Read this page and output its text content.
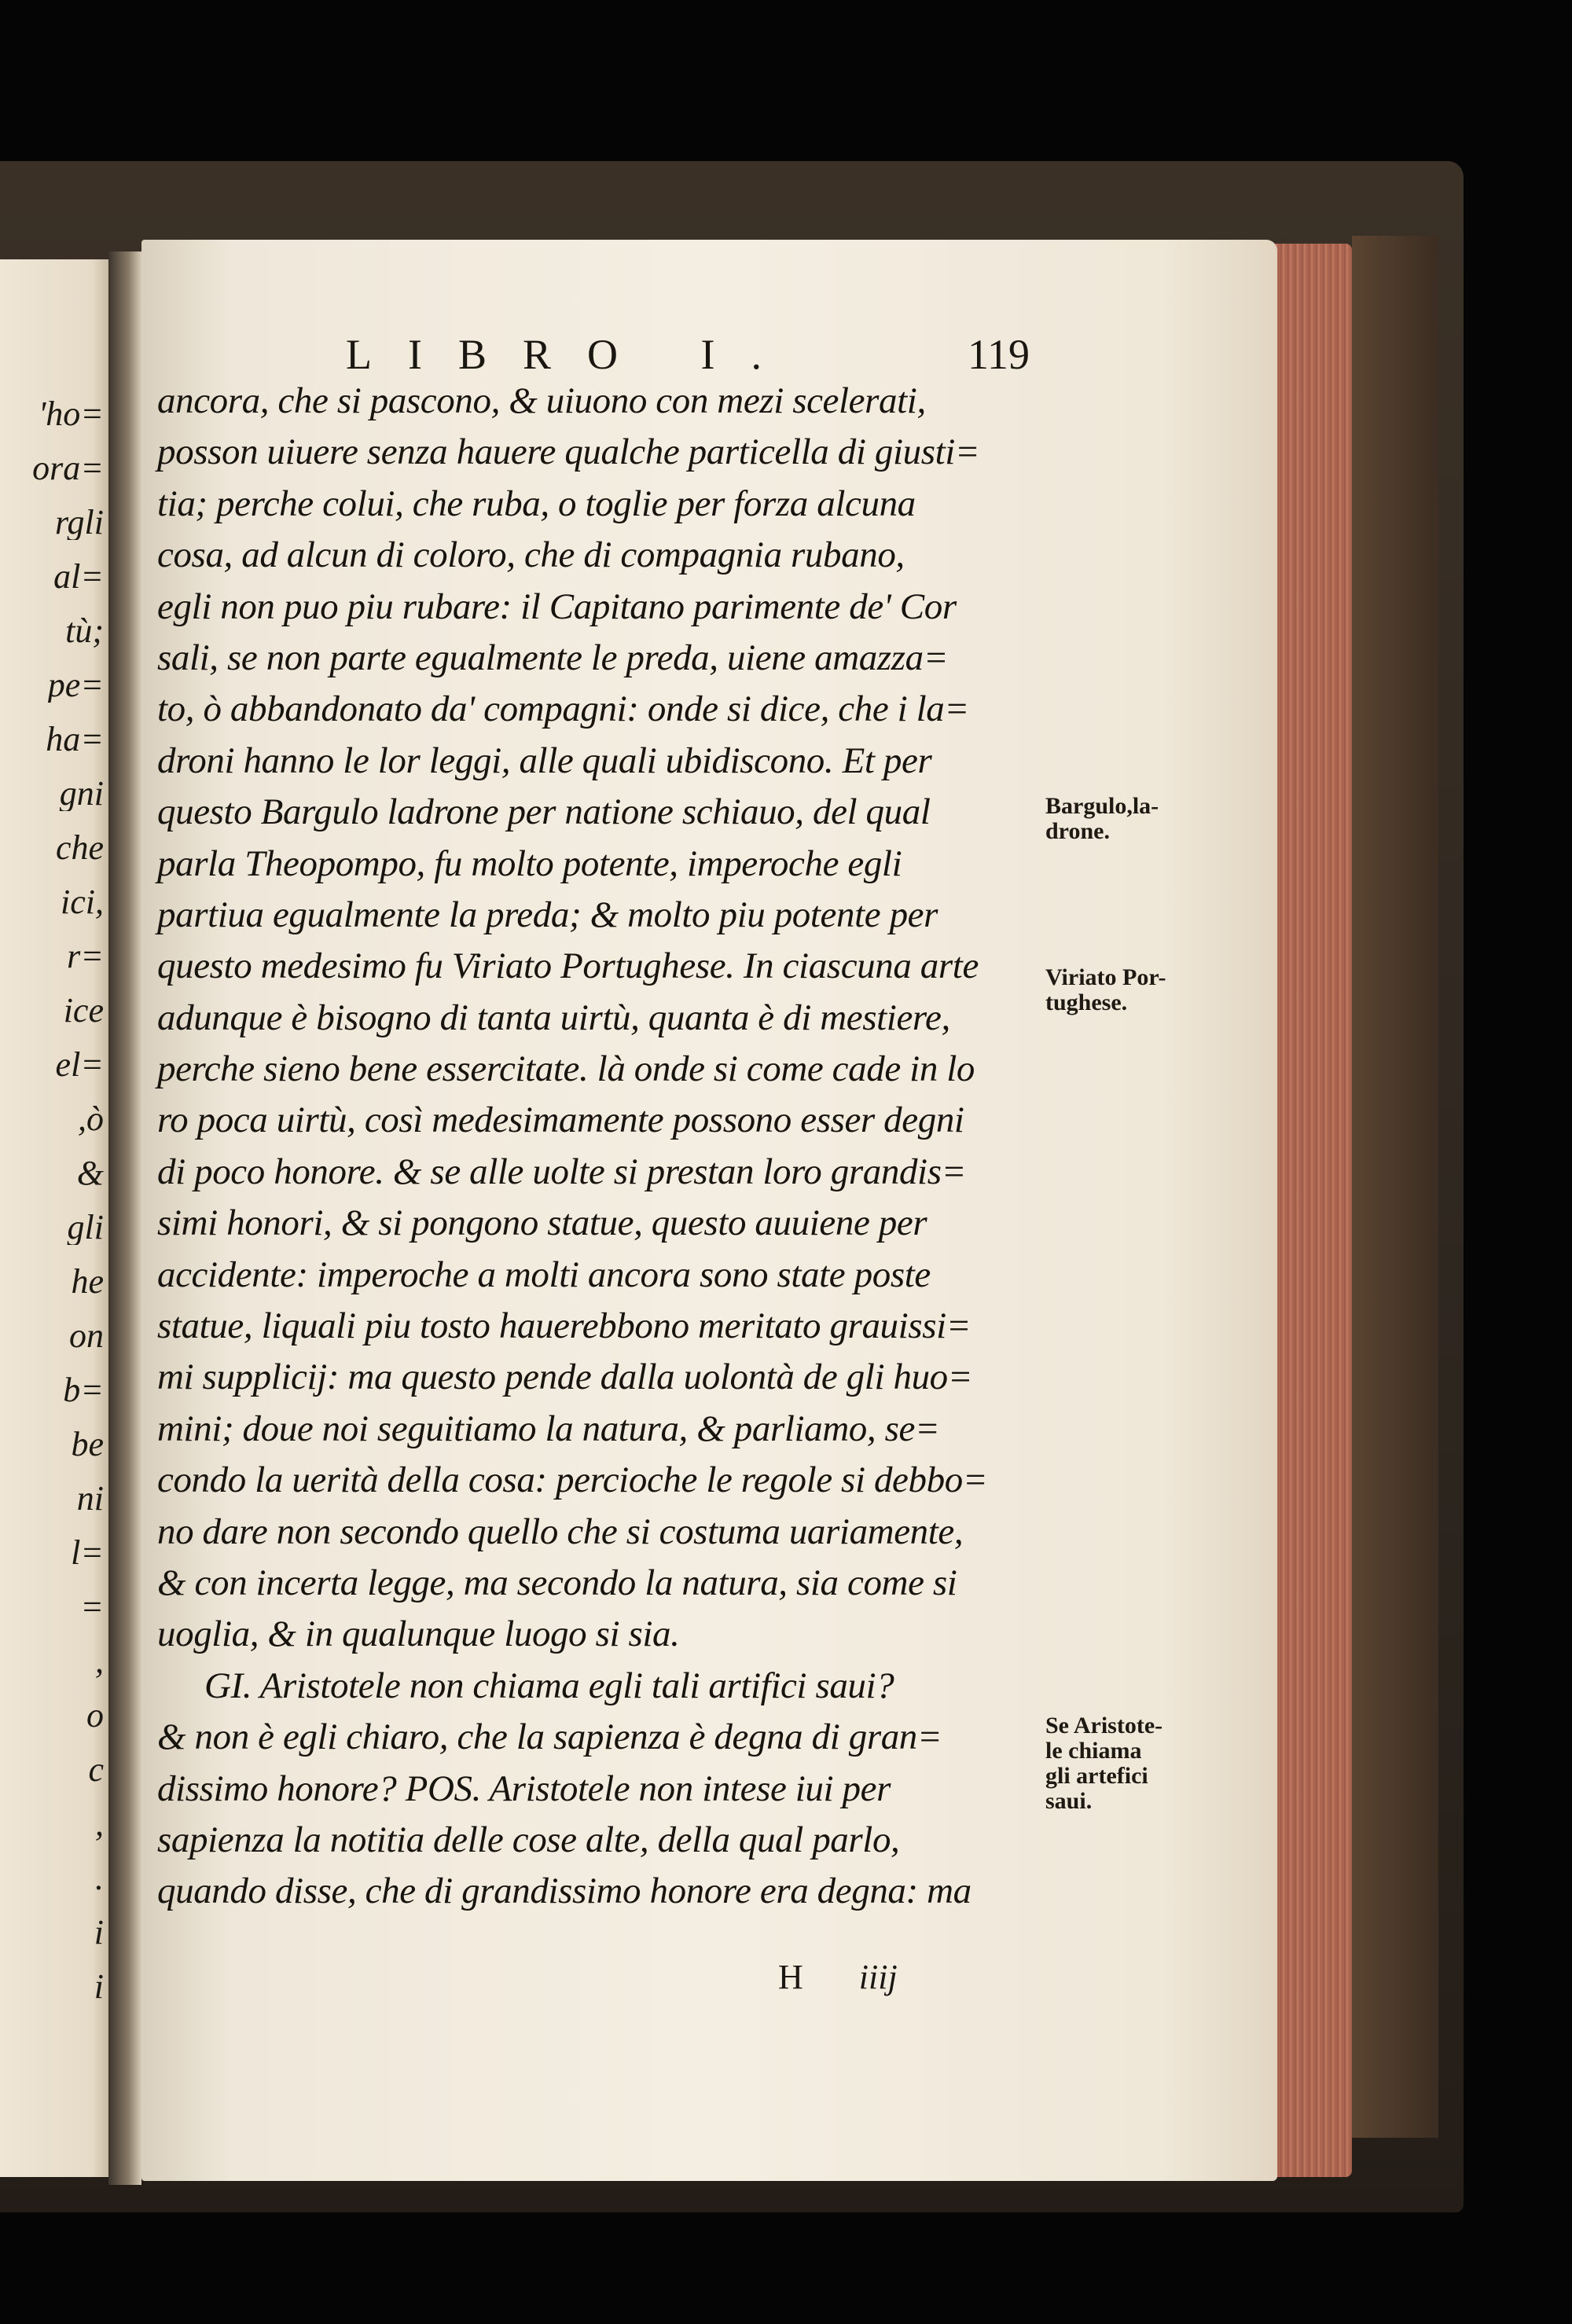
'ho=
ora=
rgli
al=
tù;
pe=
ha=
gni
che
ici,
r=
ice
el=
,ò
&
gli
he
on
b=
be
ni
l=
=
,
o
c
,
.
i
i
LIBRO I.	119
ancora, che si pascono, & uiuono con mezi scelerati,
posson uiuere senza hauere qualche particella di giusti=
tia; perche colui, che ruba, o toglie per forza alcuna
cosa, ad alcun di coloro, che di compagnia rubano,
egli non puo piu rubare: il Capitano parimente de' Cor
sali, se non parte egualmente le preda, uiene amazza=
to, ò abbandonato da' compagni: onde si dice, che i la=
droni hanno le lor leggi, alle quali ubidiscono. Et per
questo Bargulo ladrone per natione schiauo, del qual
parla Theopompo, fu molto potente, imperoche egli
partiua egualmente la preda; & molto piu potente per
questo medesimo fu Viriato Portughese. In ciascuna arte
adunque è bisogno di tanta uirtù, quanta è di mestiere,
perche sieno bene essercitate. là onde si come cade in lo
ro poca uirtù, così medesimamente possono esser degni
di poco honore. & se alle uolte si prestan loro grandis=
simi honori, & si pongono statue, questo auuiene per
accidente: imperoche a molti ancora sono state poste
statue, liquali piu tosto hauerebbono meritato grauissi=
mi supplicij: ma questo pende dalla uolontà de gli huo=
mini; doue noi seguitiamo la natura, & parliamo, se=
condo la uerità della cosa: percioche le regole si debbo=
no dare non secondo quello che si costuma uariamente,
& con incerta legge, ma secondo la natura, sia come si
uoglia, & in qualunque luogo si sia.
GI. Aristotele non chiama egli tali artifici saui?
& non è egli chiaro, che la sapienza è degna di gran=
dissimo honore? POS. Aristotele non intese iui per
sapienza la notitia delle cose alte, della qual parlo,
quando disse, che di grandissimo honore era degna: ma
Bargulo,la-
drone.
Viriato Por-
tughese.
Se Aristote-
le chiama
gli artefici
saui.
H iiij
